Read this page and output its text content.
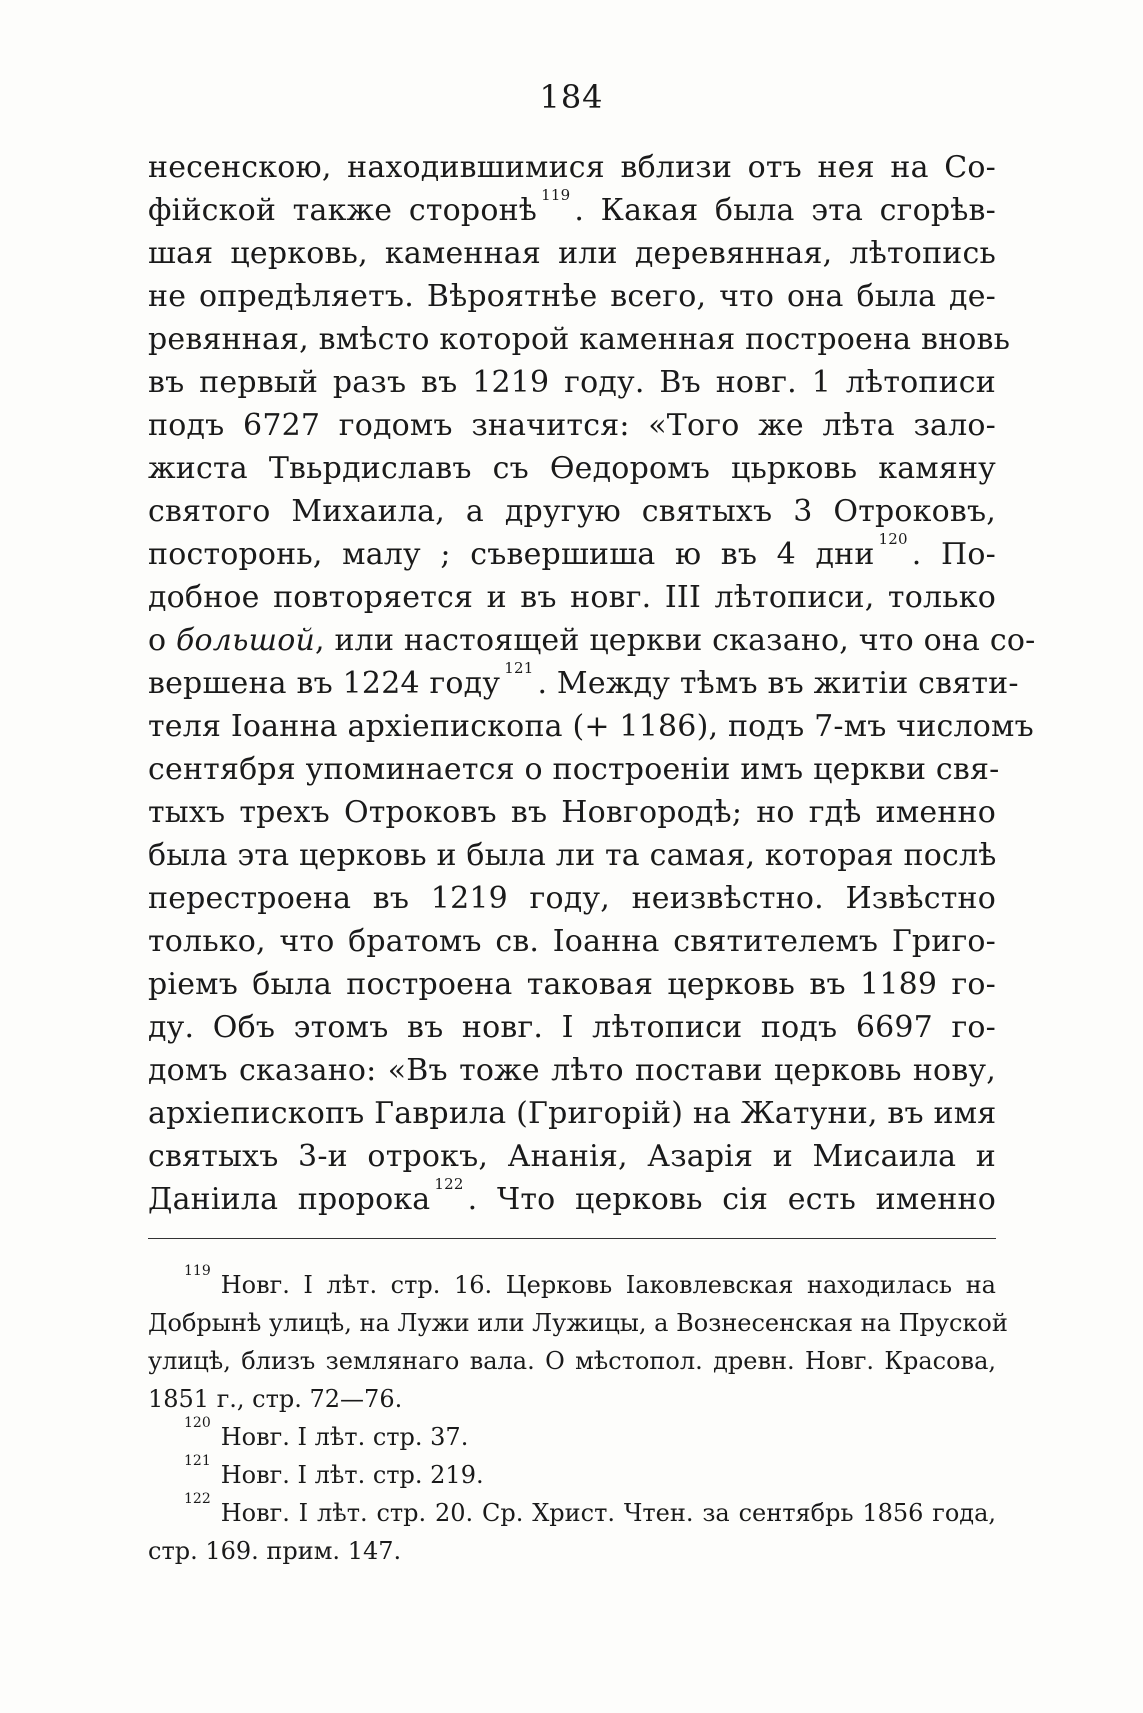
184
несенскою, находившимися вблизи отъ нея на Со-
фійской также сторонѣ $^{119}$ . Какая была эта сгорѣв-
шая церковь, каменная или деревянная, лѣтопись
не опредѣляетъ. Вѣроятнѣе всего, что она была де-
ревянная, вмѣсто которой каменная построена вновь
въ первый разъ въ 1219 году. Въ новг. 1 лѣтописи
подъ 6727 годомъ значится: «Того же лѣта зало-
жиста Твьрдиславъ съ Өедоромъ цьрковь камяну
святого Михаила, а другую святыхъ 3 Отроковъ,
посторонь, малу ; съвершиша ю въ 4 дни $^{120}$ . По-
добное повторяется и въ новг. III лѣтописи, только
о большой, или настоящей церкви сказано, что она со-
вершена въ 1224 году $^{121}$ . Между тѣмъ въ житіи святи-
теля Іоанна архіепископа (+ 1186), подъ 7-мъ числомъ
сентября упоминается о построеніи имъ церкви свя-
тыхъ трехъ Отроковъ въ Новгородѣ; но гдѣ именно
была эта церковь и была ли та самая, которая послѣ
перестроена въ 1219 году, неизвѣстно. Извѣстно
только, что братомъ св. Іоанна святителемъ Григо-
ріемъ была построена таковая церковь въ 1189 го-
ду. Объ этомъ въ новг. I лѣтописи подъ 6697 го-
домъ сказано: «Въ тоже лѣто постави церковь нову,
архіепископъ Гаврила (Григорій) на Жатуни, въ имя
святыхъ 3-и отрокъ, Ананія, Азарія и Мисаила и
Даніила пророка $^{122}$ . Что церковь сія есть именно
$^{119}$ Новг. I лѣт. стр. 16. Церковь Іаковлевская находилась на
Добрынѣ улицѣ, на Лужи или Лужицы, а Вознесенская на Пруской
улицѣ, близъ землянаго вала. О мѣстопол. древн. Новг. Красова,
1851 г., стр. 72—76.
$^{120}$ Новг. I лѣт. стр. 37.
$^{121}$ Новг. I лѣт. стр. 219.
$^{122}$ Новг. I лѣт. стр. 20. Ср. Христ. Чтен. за сентябрь 1856 года,
стр. 169. прим. 147.
